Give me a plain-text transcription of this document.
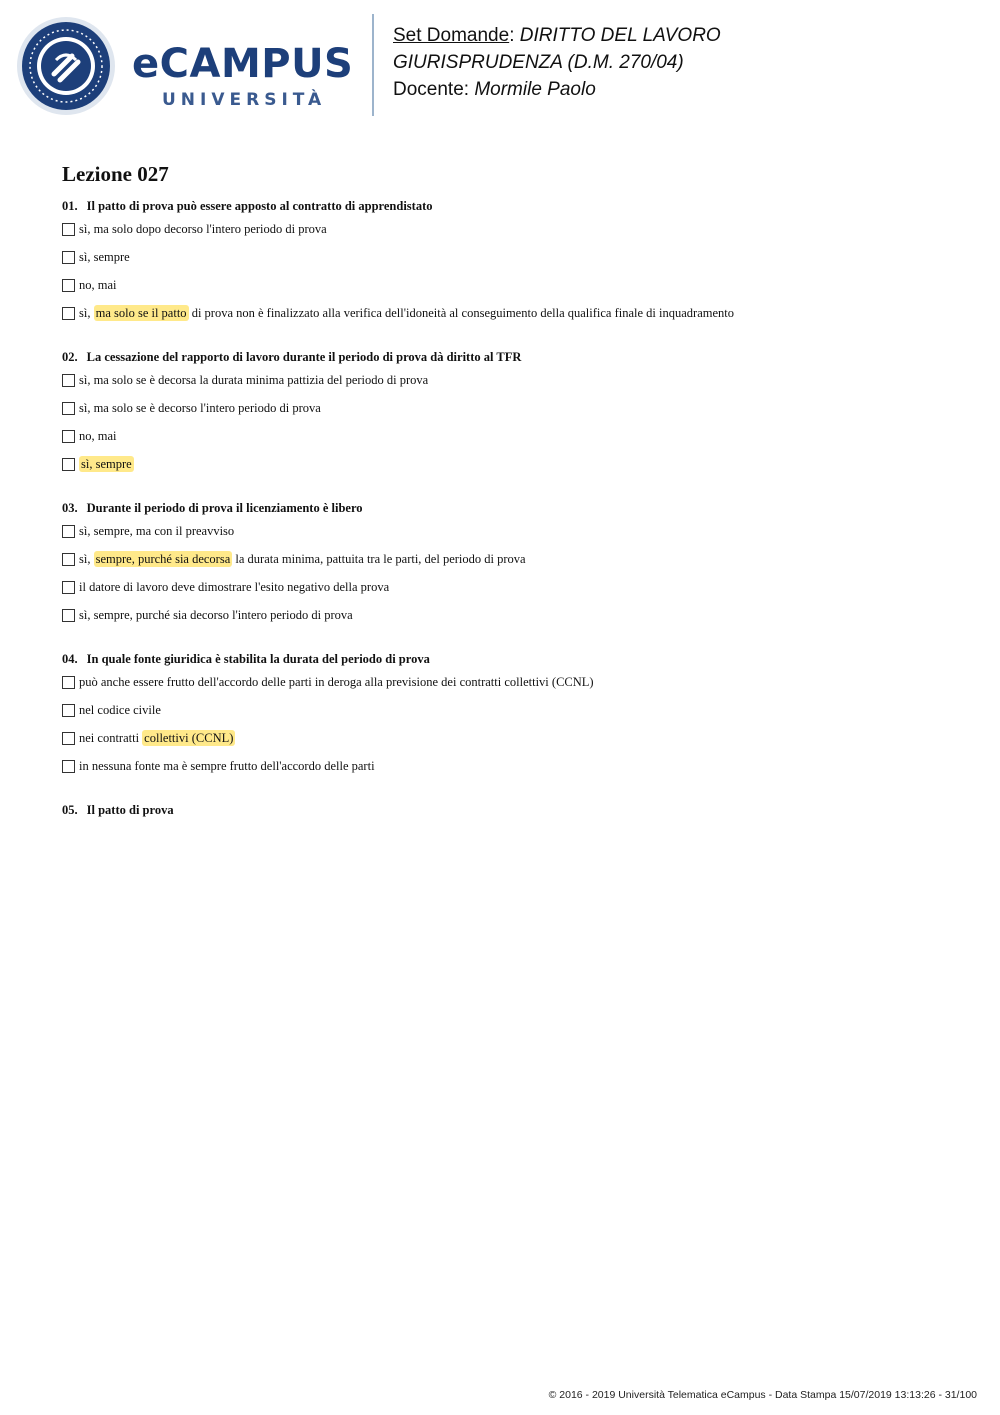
eCAMPUS
UNIVERSITÀ
Set Domande: DIRITTO DEL LAVORO
GIURISPRUDENZA (D.M. 270/04)
Docente: Mormile Paolo
Lezione 027
01. Il patto di prova può essere apposto al contratto di apprendistato
sì, ma solo dopo decorso l'intero periodo di prova
sì, sempre
no, mai
sì, ma solo se il patto di prova non è finalizzato alla verifica dell'idoneità al conseguimento della qualifica finale di inquadramento
02. La cessazione del rapporto di lavoro durante il periodo di prova dà diritto al TFR
sì, ma solo se è decorsa la durata minima pattizia del periodo di prova
sì, ma solo se è decorso l'intero periodo di prova
no, mai
sì, sempre
03. Durante il periodo di prova il licenziamento è libero
sì, sempre, ma con il preavviso
sì, sempre, purché sia decorsa la durata minima, pattuita tra le parti, del periodo di prova
il datore di lavoro deve dimostrare l'esito negativo della prova
sì, sempre, purché sia decorso l'intero periodo di prova
04. In quale fonte giuridica è stabilita la durata del periodo di prova
può anche essere frutto dell'accordo delle parti in deroga alla previsione dei contratti collettivi (CCNL)
nel codice civile
nei contratti collettivi (CCNL)
in nessuna fonte ma è sempre frutto dell'accordo delle parti
05. Il patto di prova
© 2016 - 2019 Università Telematica eCampus - Data Stampa 15/07/2019 13:13:26 - 31/100
